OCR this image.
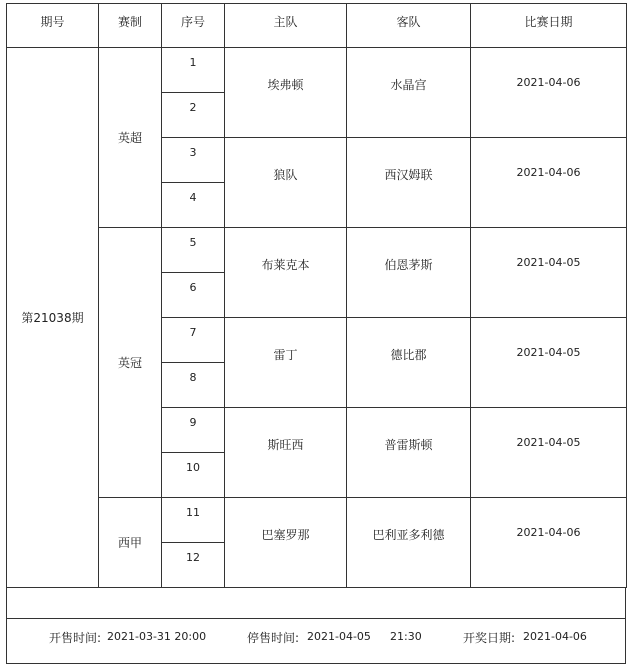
期号	赛制	序号	主队	客队	比赛日期
第21038期	英超	1	埃弗顿	水晶宫	2021-04-06
		2			
		3	狼队	西汉姆联	2021-04-06
		4			
	英冠	5	布莱克本	伯恩茅斯	2021-04-05
		6			
		7	雷丁	德比郡	2021-04-05
		8			
		9	斯旺西	普雷斯顿	2021-04-05
		10			
	西甲	11	巴塞罗那	巴利亚多利德	2021-04-06
		12			
开售时间: 2021-03-31 20:00	停售时间: 2021-04-05 21:30	开奖日期: 2021-04-06
